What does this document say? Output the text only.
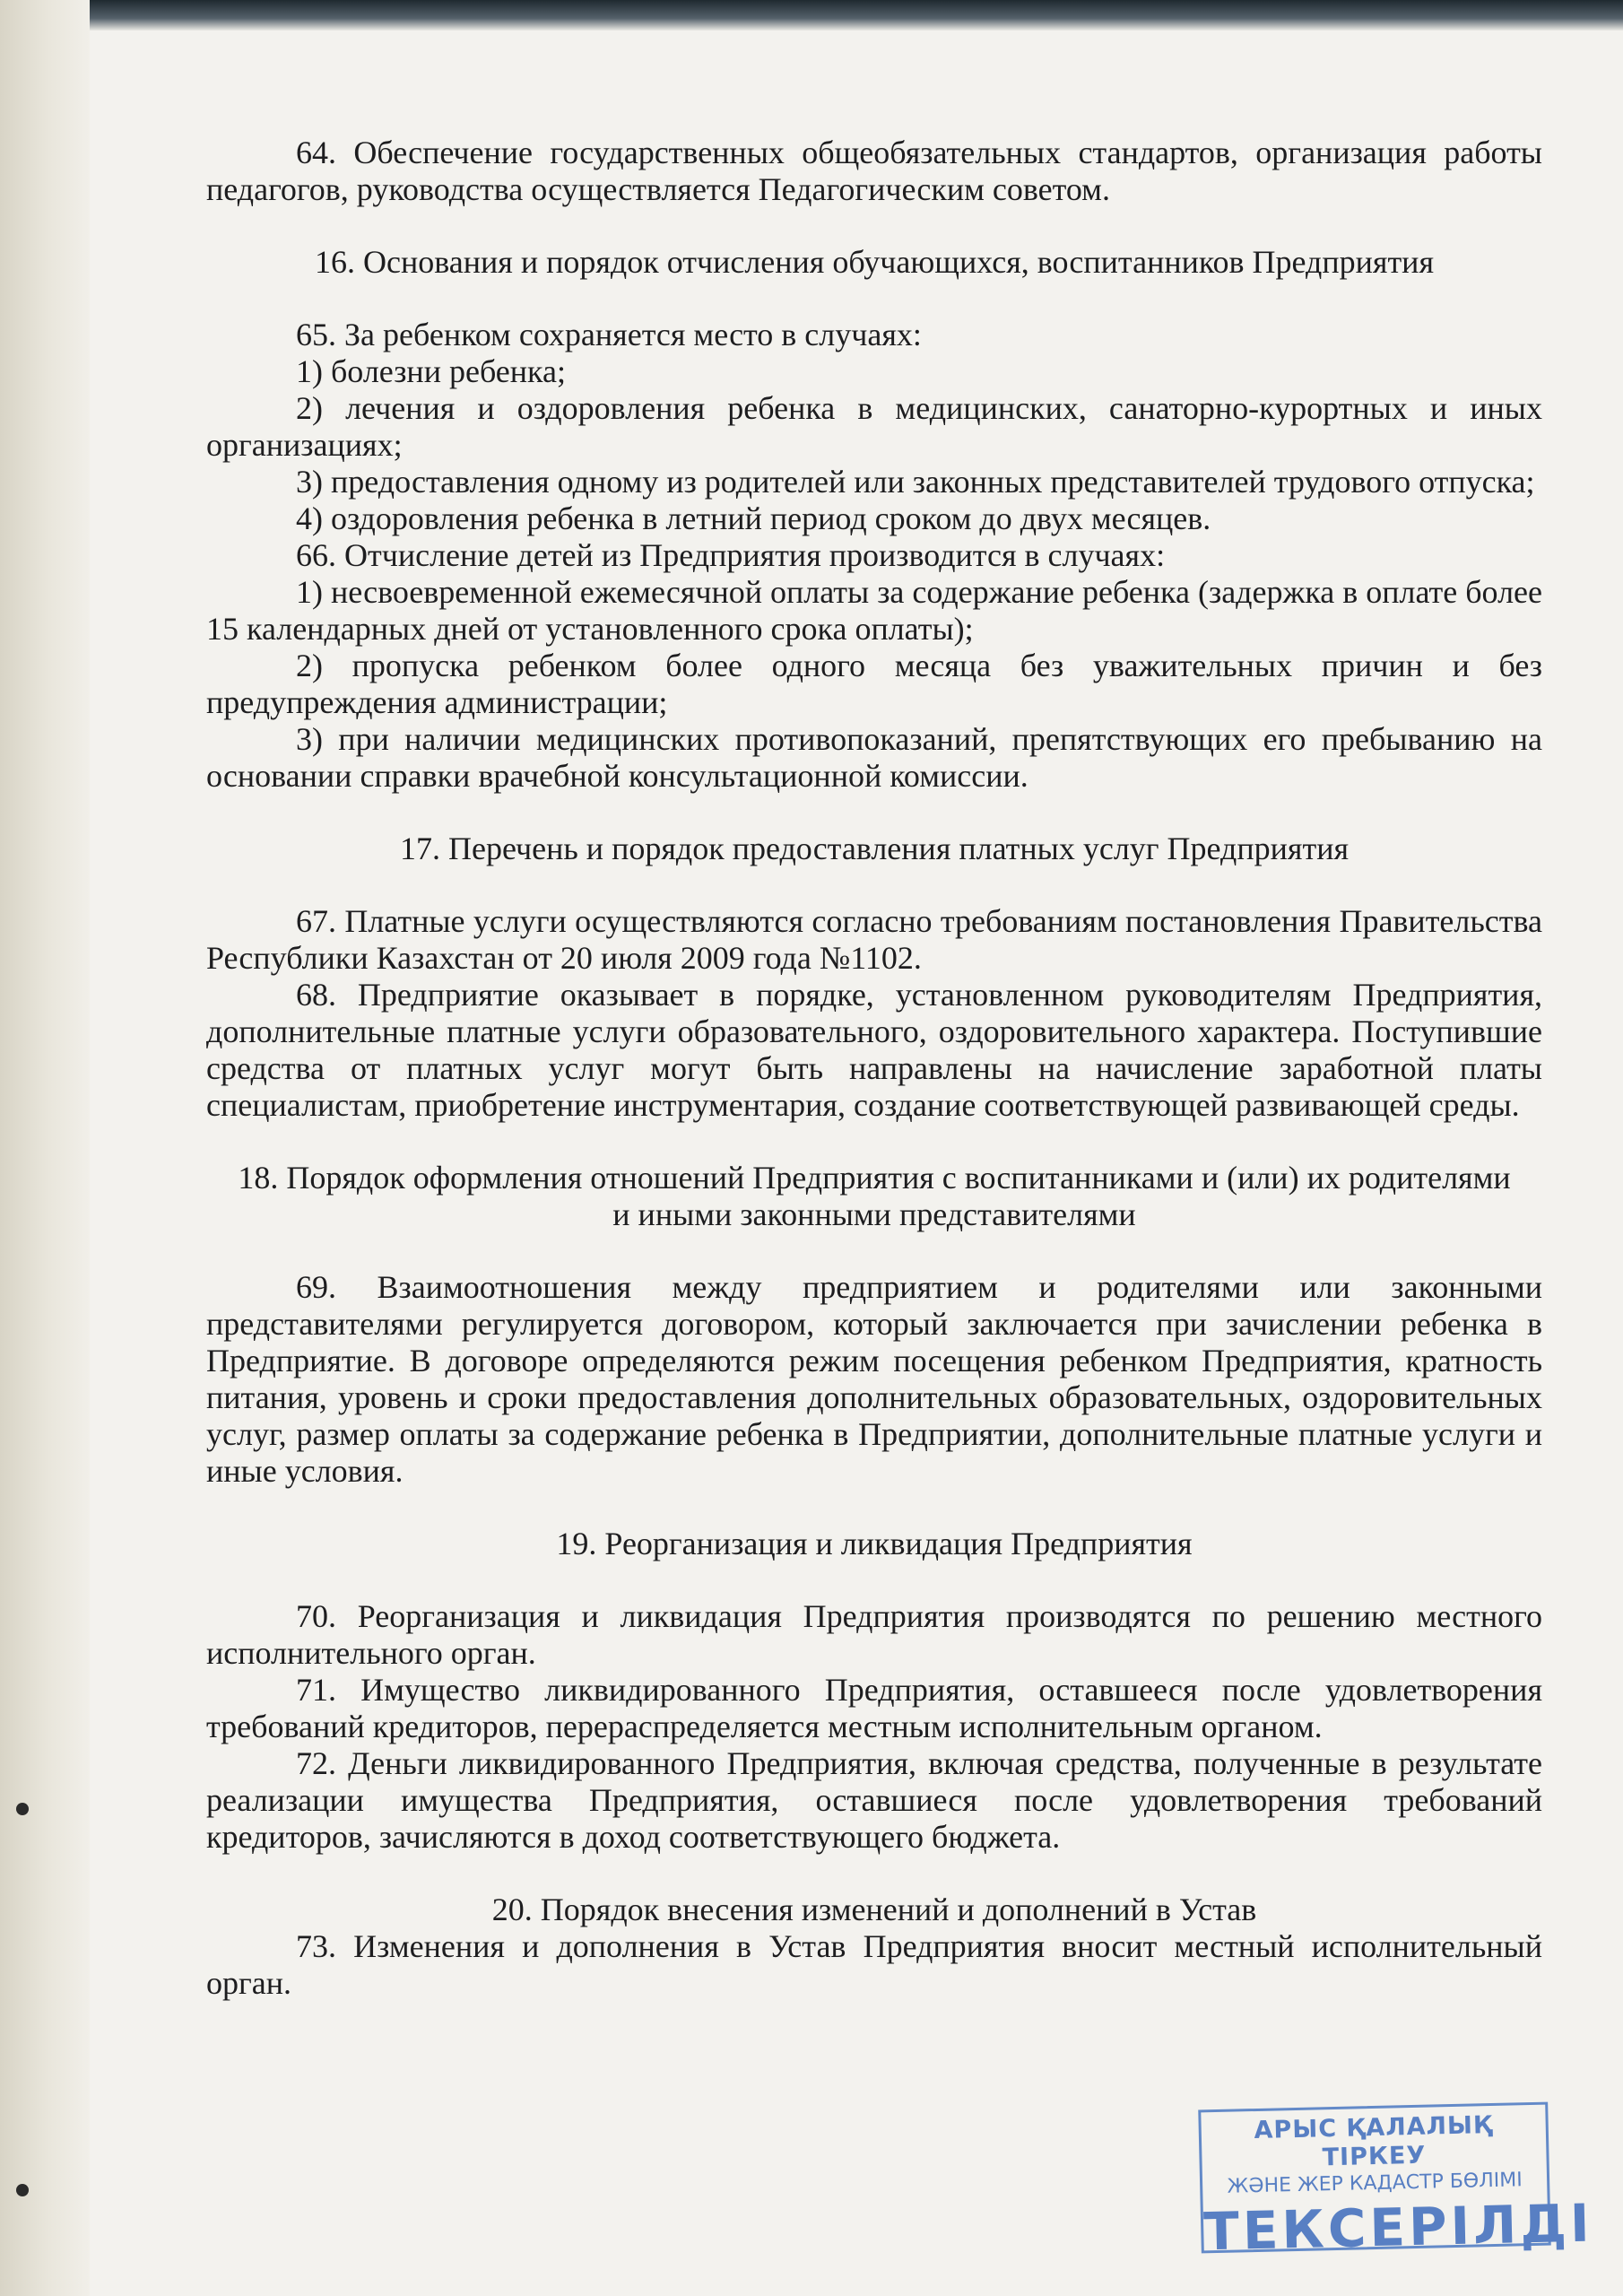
64. Обеспечение государственных общеобязательных стандартов, организация работы педагогов, руководства осуществляется Педагогическим советом.

16. Основания и порядок отчисления обучающихся, воспитанников Предприятия

65. За ребенком сохраняется место в случаях:

1) болезни ребенка;

2) лечения и оздоровления ребенка в медицинских, санаторно-курортных и иных организациях;

3) предоставления одному из родителей или законных представителей трудового отпуска;

4) оздоровления ребенка в летний период сроком до двух месяцев.

66. Отчисление детей из Предприятия производится в случаях:

1) несвоевременной ежемесячной оплаты за содержание ребенка (задержка в оплате более 15 календарных дней от установленного срока оплаты);

2) пропуска ребенком более одного месяца без уважительных причин и без предупреждения администрации;

3) при наличии медицинских противопоказаний, препятствующих его пребыванию на основании справки врачебной консультационной комиссии.

17. Перечень и порядок предоставления платных услуг Предприятия

67. Платные услуги осуществляются согласно требованиям постановления Правительства Республики Казахстан от 20 июля 2009 года №1102.

68. Предприятие оказывает в порядке, установленном руководителям Предприятия, дополнительные платные услуги образовательного, оздоровительного характера. Поступившие средства от платных услуг могут быть направлены на начисление заработной платы специалистам, приобретение инструментария, создание соответствующей развивающей среды.

18. Порядок оформления отношений Предприятия с воспитанниками и (или) их родителями

и иными законными представителями

69. Взаимоотношения между предприятием и родителями или законными представителями регулируется договором, который заключается при зачислении ребенка в Предприятие. В договоре определяются режим посещения ребенком Предприятия, кратность питания, уровень и сроки предоставления дополнительных образовательных, оздоровительных услуг, размер оплаты за содержание ребенка в Предприятии, дополнительные платные услуги и иные условия.

19. Реорганизация и ликвидация Предприятия

70. Реорганизация и ликвидация Предприятия производятся по решению местного исполнительного орган.

71. Имущество ликвидированного Предприятия, оставшееся после удовлетворения требований кредиторов, перераспределяется местным исполнительным органом.

72. Деньги ликвидированного Предприятия, включая средства, полученные в результате реализации имущества Предприятия, оставшиеся после удовлетворения требований кредиторов, зачисляются в доход соответствующего бюджета.

20. Порядок внесения изменений и дополнений в Устав

73. Изменения и дополнения в Устав Предприятия вносит местный исполнительный орган.

АРЫС ҚАЛАЛЫҚ ТІРКЕУ
ЖӘНЕ ЖЕР КАДАСТР БӨЛІМІ
ТЕКСЕРІЛДІ
